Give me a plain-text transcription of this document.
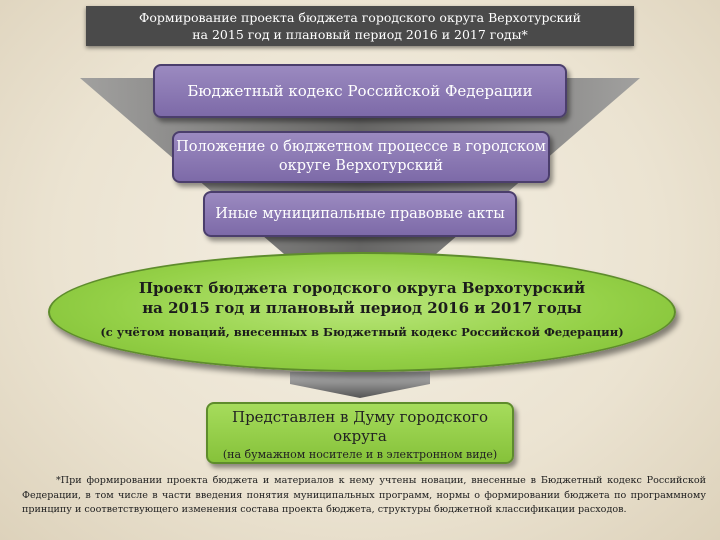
Формирование проекта бюджета городского округа Верхотурский
на 2015 год и плановый период 2016 и 2017 годы*
Бюджетный кодекс Российской Федерации
Положение о бюджетном процессе в городском
округе Верхотурский
Иные муниципальные правовые акты
Проект бюджета городского округа Верхотурский
на 2015 год и плановый период 2016 и 2017 годы
(с учётом новаций, внесенных в Бюджетный кодекс Российской Федерации)
Представлен в Думу городского
округа
(на бумажном носителе и в электронном виде)
*При формировании проекта бюджета и материалов к нему учтены новации, внесенные в Бюджетный кодекс Российской Федерации, в том числе в части введения понятия муниципальных программ, нормы о формировании бюджета по программному принципу и соответствующего изменения состава проекта бюджета, структуры бюджетной классификации расходов.
